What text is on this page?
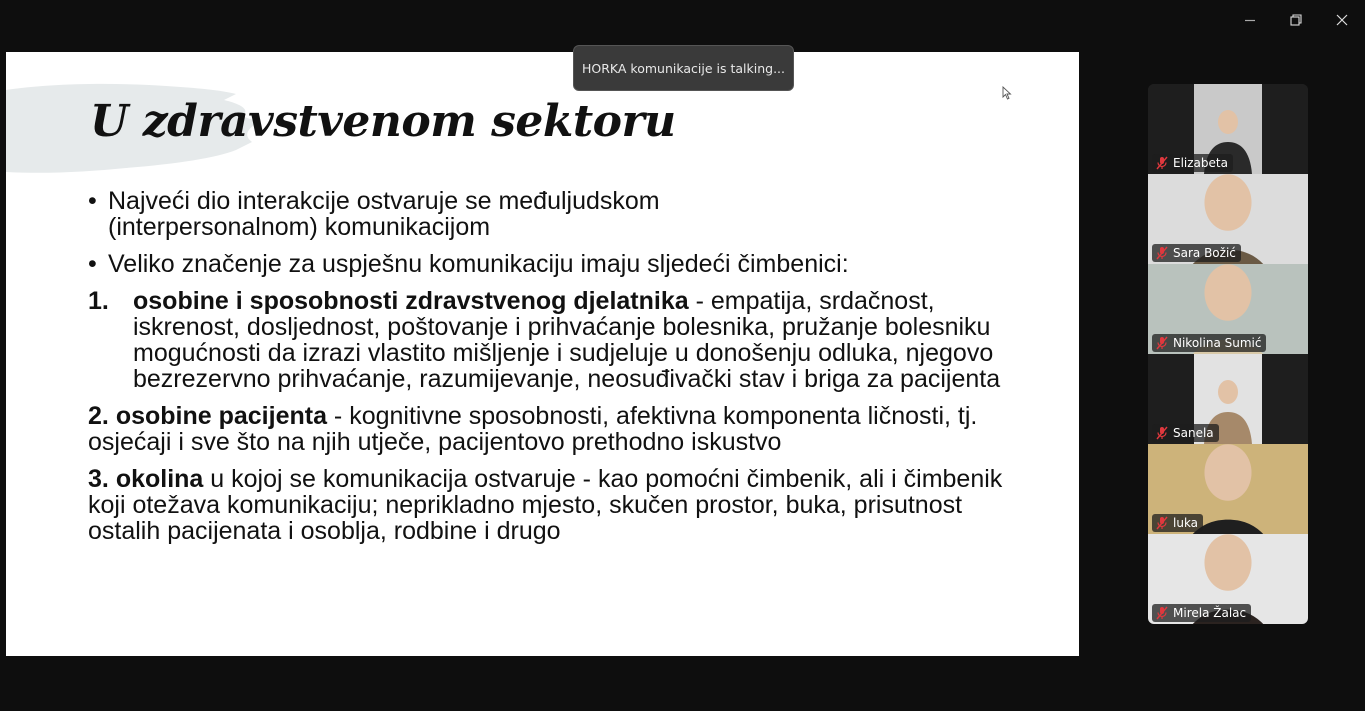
U zdravstvenom sektoru
• Najveći dio interakcije ostvaruje se međuljudskom
(interpersonalnom) komunikacijom
• Veliko značenje za uspješnu komunikaciju imaju sljedeći čimbenici:
1. osobine i sposobnosti zdravstvenog djelatnika - empatija, srdačnost, iskrenost, dosljednost, poštovanje i prihvaćanje bolesnika, pružanje bolesniku mogućnosti da izrazi vlastito mišljenje i sudjeluje u donošenju odluka, njegovo bezrezervno prihvaćanje, razumijevanje, neosuđivački stav i briga za pacijenta
2. osobine pacijenta - kognitivne sposobnosti, afektivna komponenta ličnosti, tj. osjećaji i sve što na njih utječe, pacijentovo prethodno iskustvo
3. okolina u kojoj se komunikacija ostvaruje - kao pomoćni čimbenik, ali i čimbenik koji otežava komunikaciju; neprikladno mjesto, skučen prostor, buka, prisutnost ostalih pacijenata i osoblja, rodbine i drugo
HORKA komunikacije is talking...
Elizabeta
Sara Božić
Nikolina Sumić
Sanela
luka
Mirela Žalac
